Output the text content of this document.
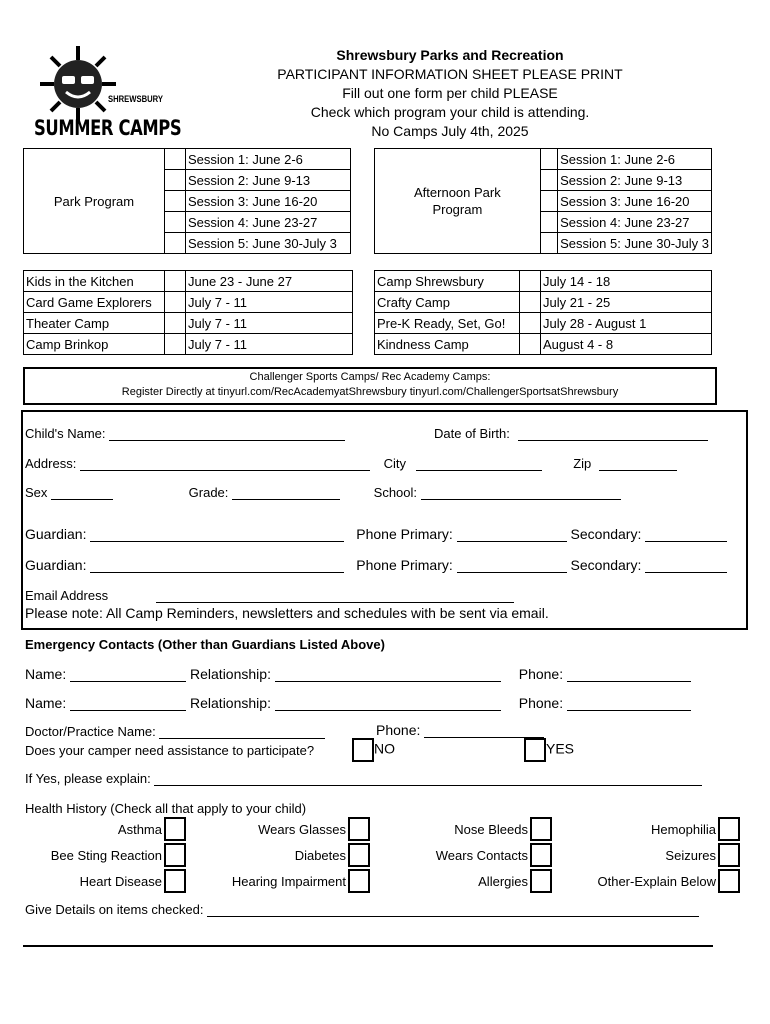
SHREWSBURY
SUMMER CAMPS
Shrewsbury Parks and Recreation
PARTICIPANT INFORMATION SHEET PLEASE PRINT
Fill out one form per child PLEASE
Check which program your child is attending.
No Camps July 4th, 2025
Park Program		Session 1: June 2-6
		Session 2: June 9-13
		Session 3: June 16-20
		Session 4: June 23-27
		Session 5: June 30-July 3
Afternoon Park Program		Session 1: June 2-6
		Session 2: June 9-13
		Session 3: June 16-20
		Session 4: June 23-27
		Session 5: June 30-July 3
Kids in the Kitchen		June 23 - June 27
Card Game Explorers		July 7 - 11
Theater Camp		July 7 - 11
Camp Brinkop		July 7 - 11
Camp Shrewsbury		July 14 - 18
Crafty Camp		July 21 - 25
Pre-K Ready, Set, Go!		July 28 - August 1
Kindness Camp		August 4 - 8
Challenger Sports Camps/ Rec Academy Camps:
Register Directly at tinyurl.com/RecAcademyatShrewsbury tinyurl.com/ChallengerSportsatShrewsbury
Child's Name:	Date of Birth:
Address:	City	Zip
Sex	Grade:	School:
Guardian:	Phone Primary:	Secondary:
Guardian:	Phone Primary:	Secondary:
Email Address
Please note: All Camp Reminders, newsletters and schedules with be sent via email.
Emergency Contacts (Other than Guardians Listed Above)
Name:	Relationship:	Phone:
Name:	Relationship:	Phone:
Doctor/Practice Name:	Phone:
Does your camper need assistance to participate?	NO	YES
If Yes, please explain:
Health History (Check all that apply to your child)
Asthma		Wears Glasses		Nose Bleeds		Hemophilia	
Bee Sting Reaction		Diabetes		Wears Contacts		Seizures	
Heart Disease		Hearing Impairment		Allergies		Other-Explain Below	
Give Details on items checked:
